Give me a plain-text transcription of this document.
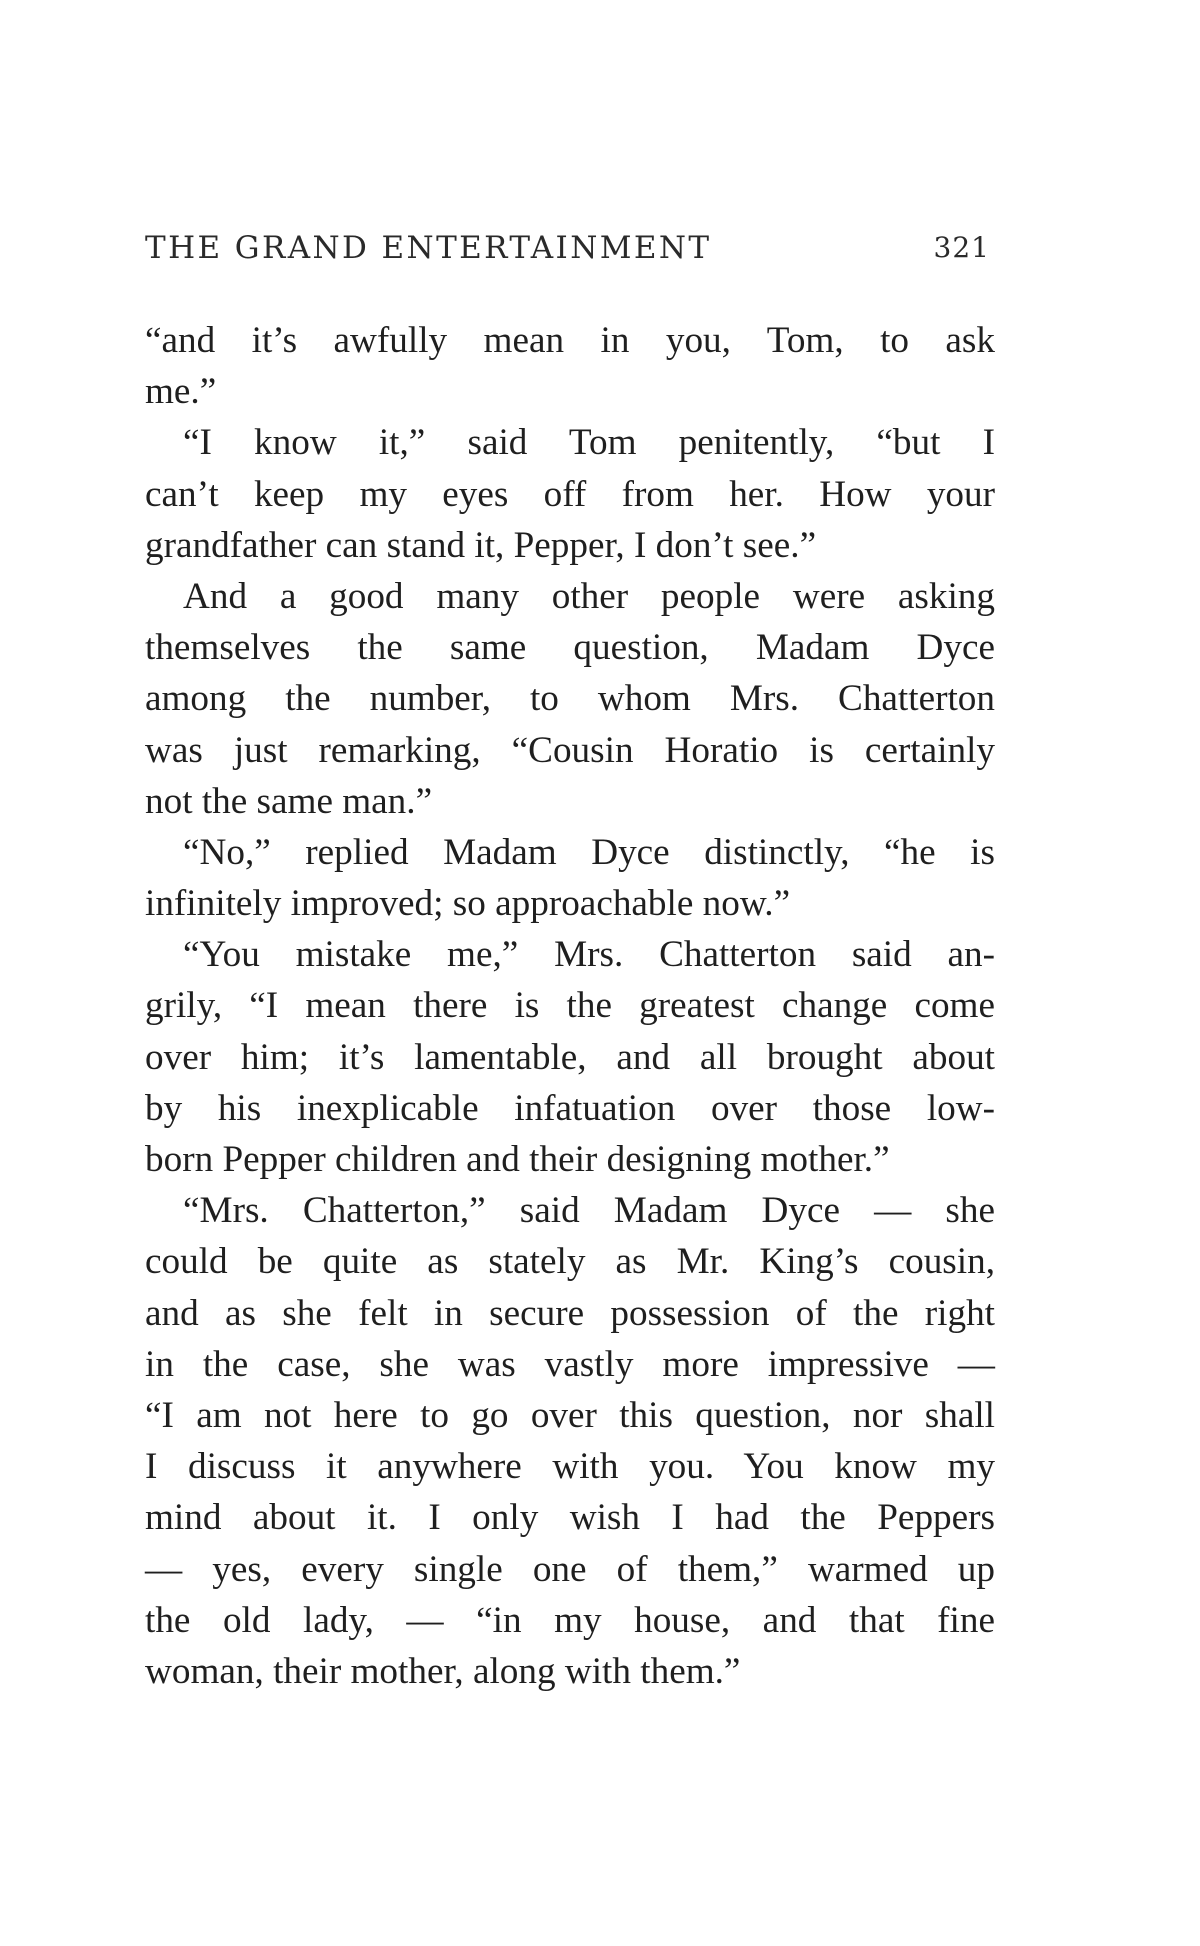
THE GRAND ENTERTAINMENT	321
“and it’s awfully mean in you, Tom, to ask
me.”
“I know it,” said Tom penitently, “but I
can’t keep my eyes off from her. How your
grandfather can stand it, Pepper, I don’t see.”
And a good many other people were asking
themselves the same question, Madam Dyce
among the number, to whom Mrs. Chatterton
was just remarking, “Cousin Horatio is certainly
not the same man.”
“No,” replied Madam Dyce distinctly, “he is
infinitely improved; so approachable now.”
“You mistake me,” Mrs. Chatterton said an-
grily, “I mean there is the greatest change come
over him; it’s lamentable, and all brought about
by his inexplicable infatuation over those low-
born Pepper children and their designing mother.”
“Mrs. Chatterton,” said Madam Dyce — she
could be quite as stately as Mr. King’s cousin,
and as she felt in secure possession of the right
in the case, she was vastly more impressive —
“I am not here to go over this question, nor shall
I discuss it anywhere with you. You know my
mind about it. I only wish I had the Peppers
— yes, every single one of them,” warmed up
the old lady, — “in my house, and that fine
woman, their mother, along with them.”
